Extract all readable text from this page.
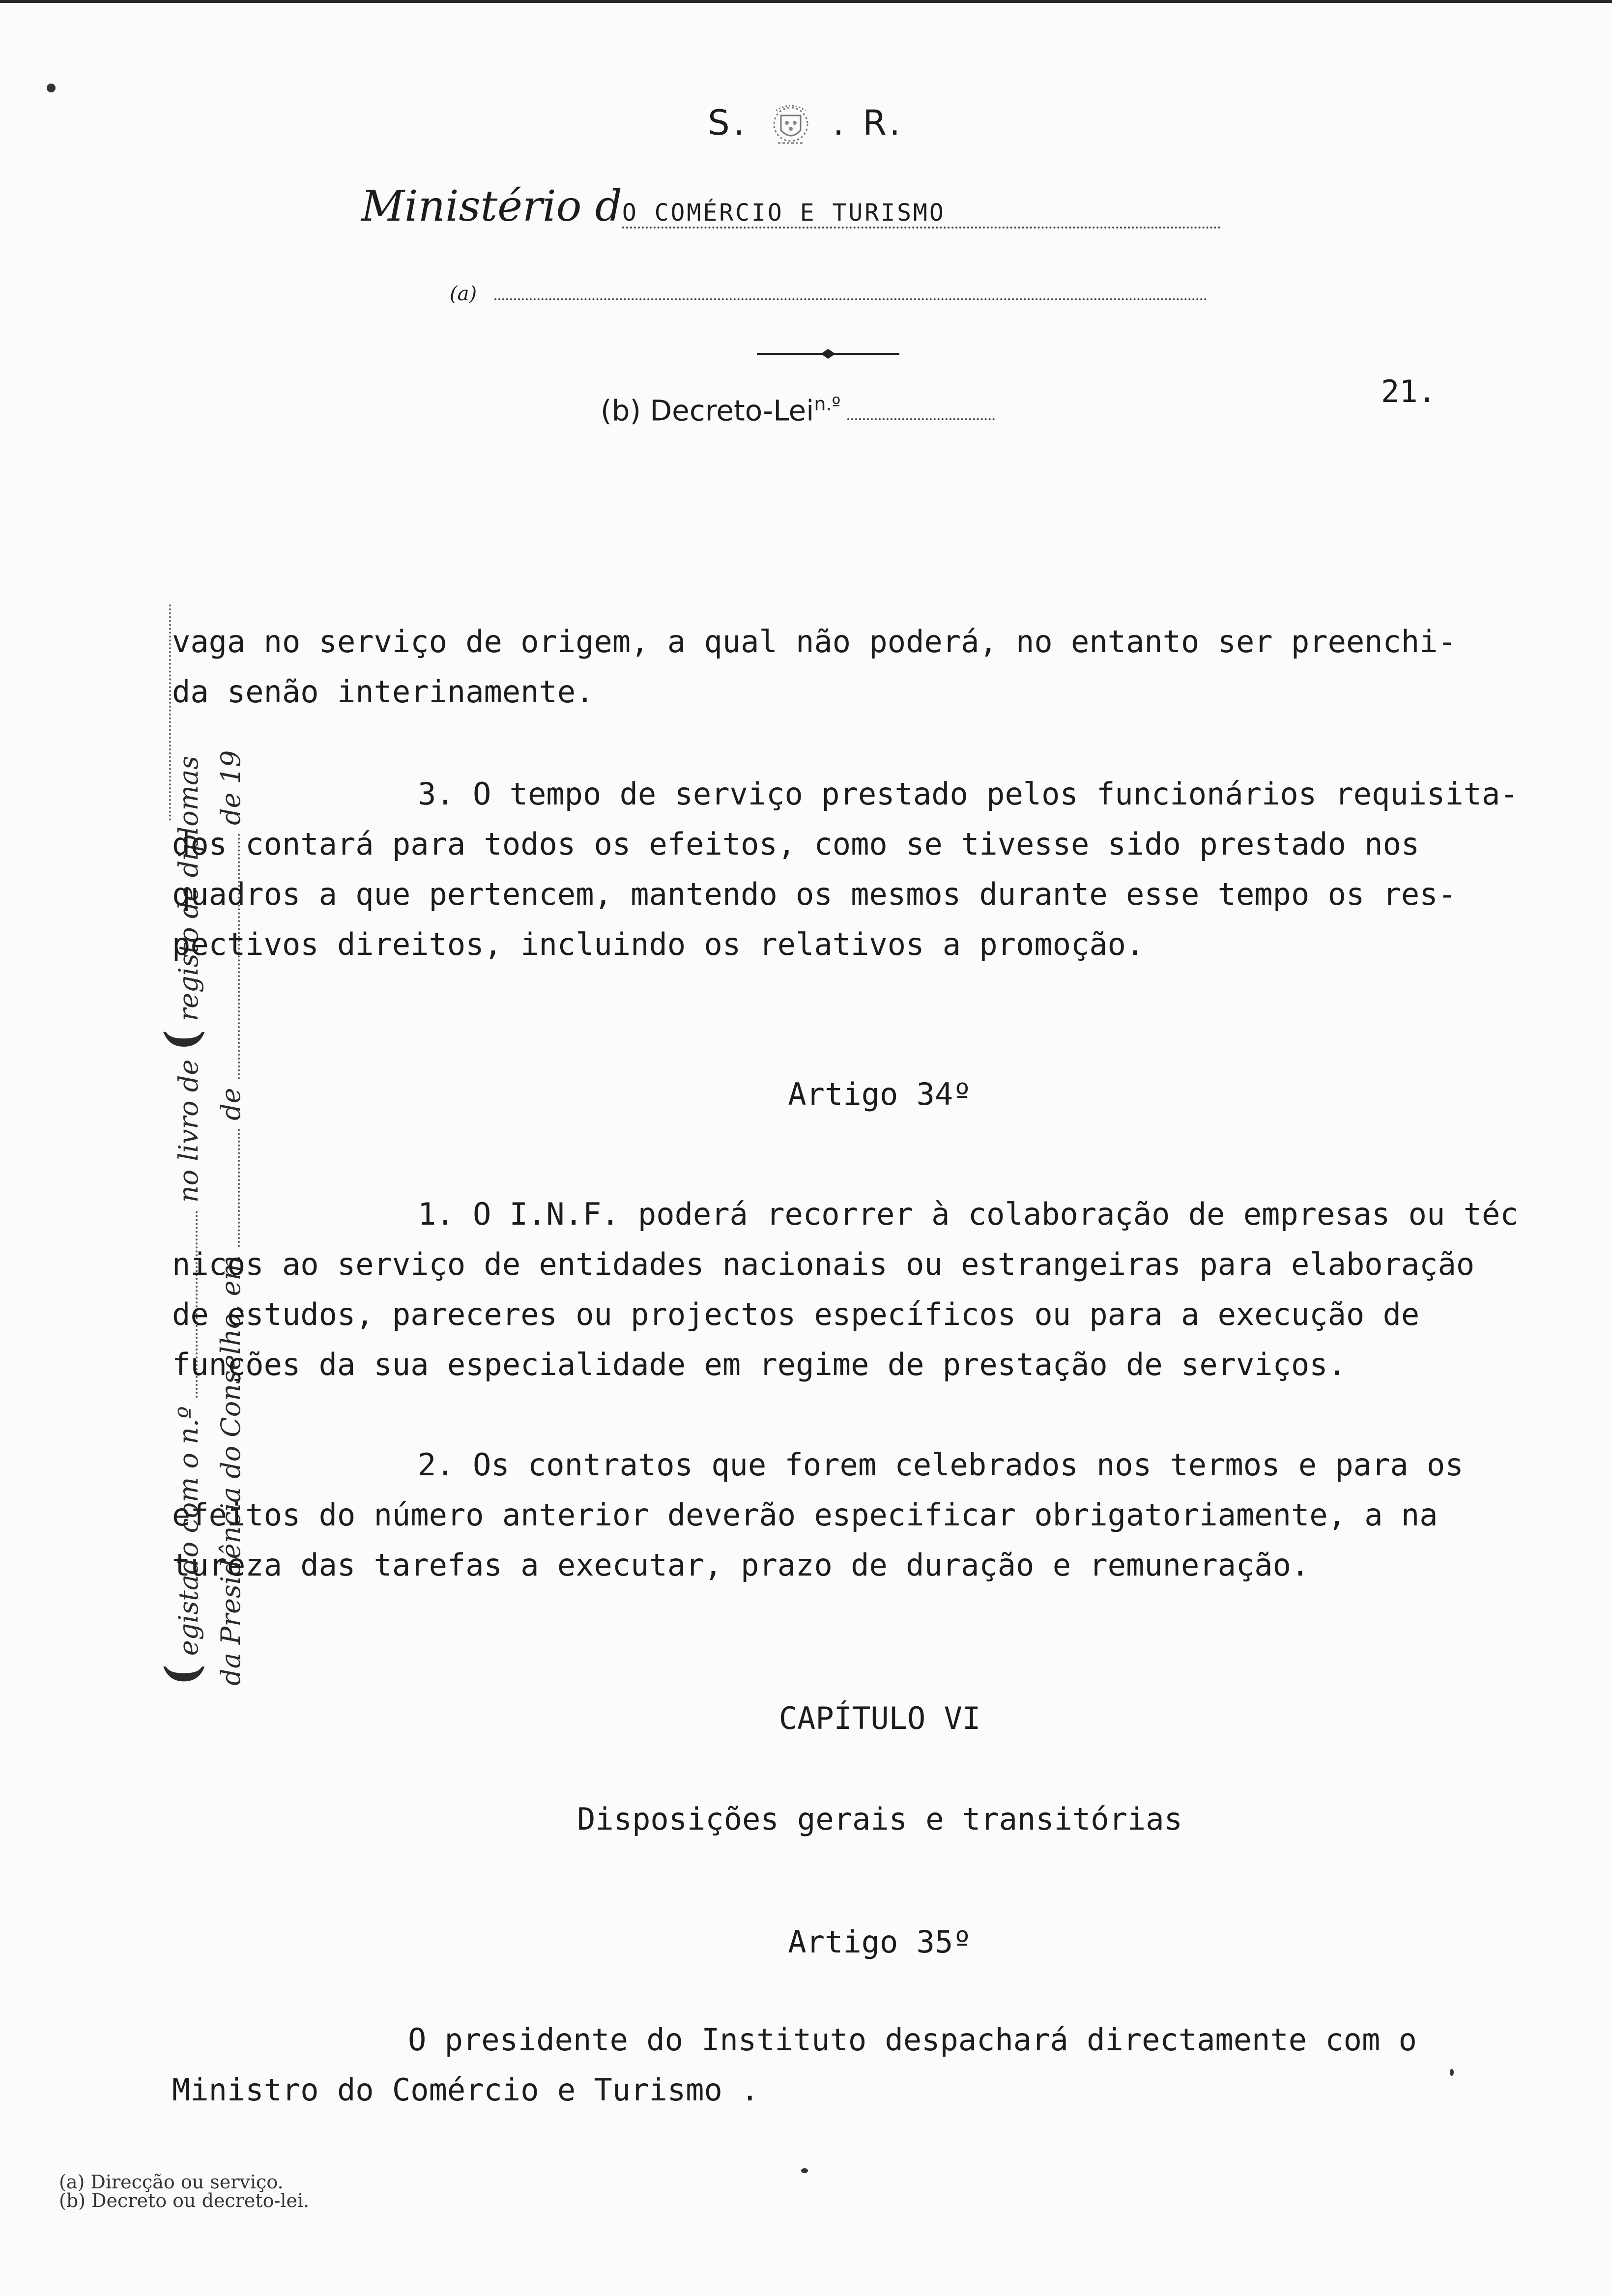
S. . R.
Ministério dO COMÉRCIO E TURISMO
(a)
(b) Decreto-Lei$^{n.º}$	21.
( egistado com o n.º  no livro de ( registo de diplomas
da Presidência do Conselho, em  de  de 19
vaga no serviço de origem, a qual não poderá, no entanto ser preenchi-
da senão interinamente.
3. O tempo de serviço prestado pelos funcionários requisita-
dos contará para todos os efeitos, como se tivesse sido prestado nos
quadros a que pertencem, mantendo os mesmos durante esse tempo os res-
pectivos direitos, incluindo os relativos a promoção.
Artigo 34º
1. O I.N.F. poderá recorrer à colaboração de empresas ou téc
nicos ao serviço de entidades nacionais ou estrangeiras para elaboração
de estudos, pareceres ou projectos específicos ou para a execução de
funções da sua especialidade em regime de prestação de serviços.
2. Os contratos que forem celebrados nos termos e para os
efeitos do número anterior deverão especificar obrigatoriamente, a na
tureza das tarefas a executar, prazo de duração e remuneração.
CAPÍTULO VI
Disposições gerais e transitórias
Artigo 35º
O presidente do Instituto despachará directamente com o
Ministro do Comércio e Turismo .
(a) Direcção ou serviço.
(b) Decreto ou decreto-lei.
